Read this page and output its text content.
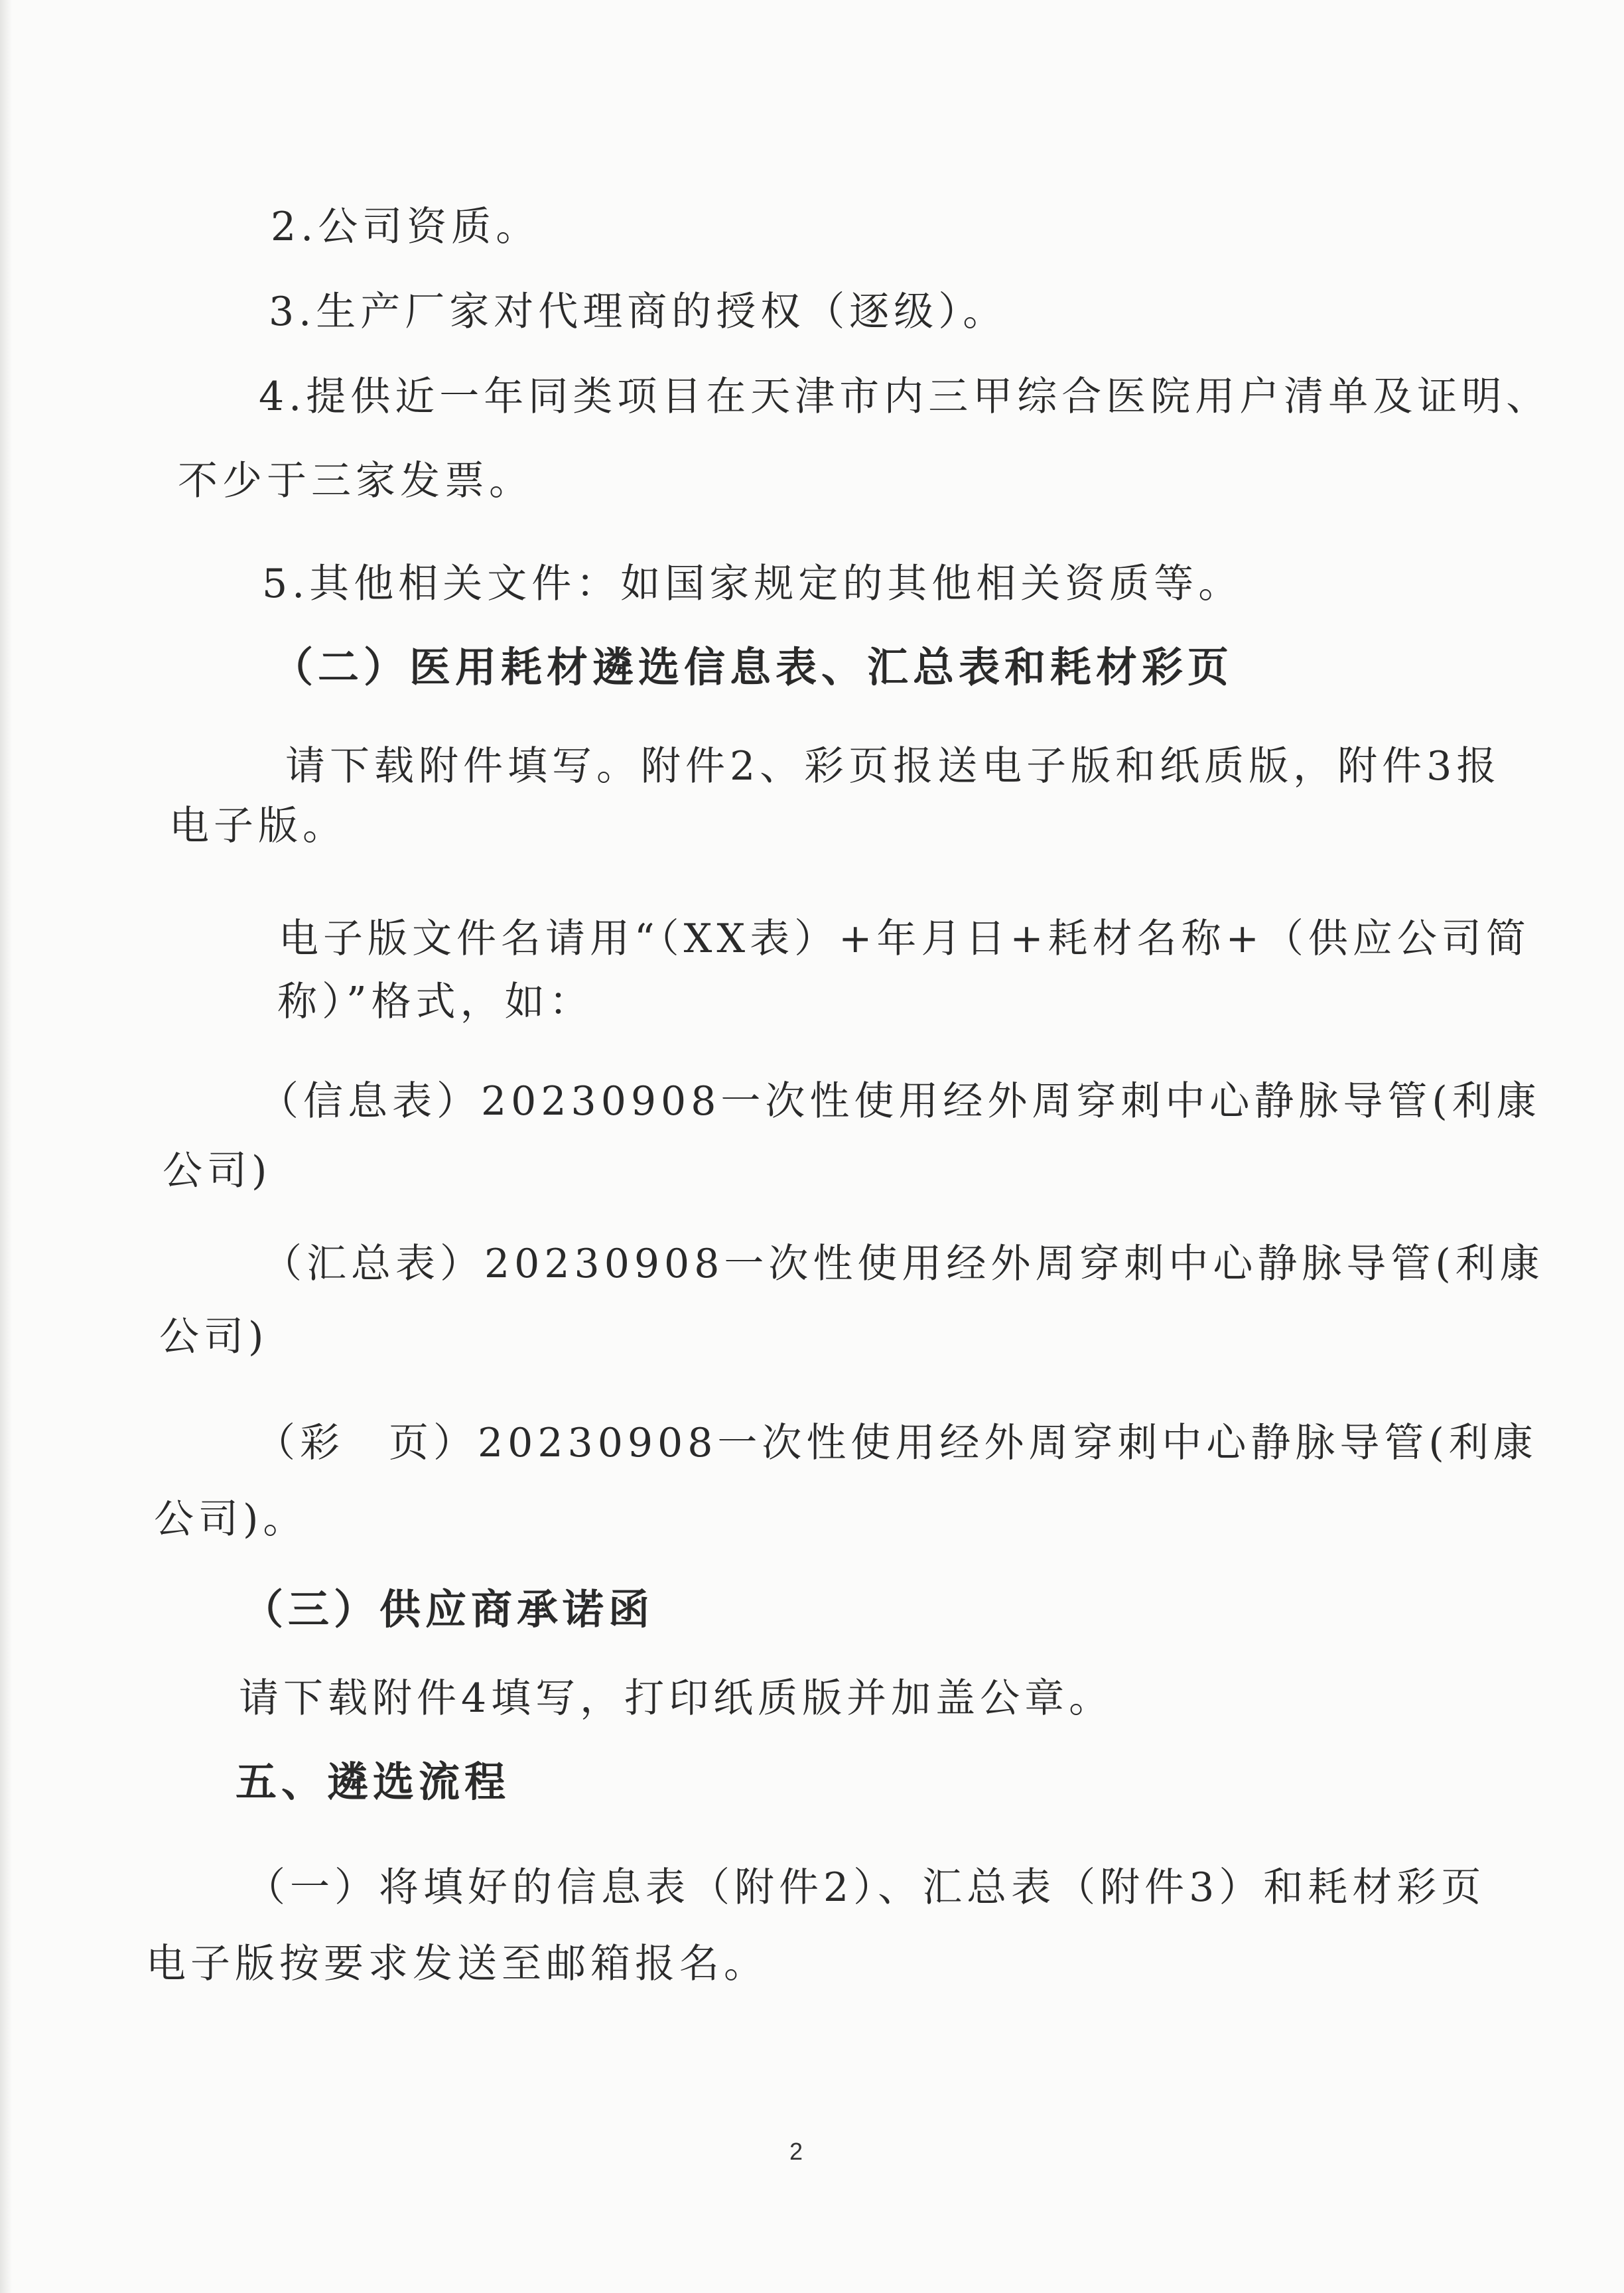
2.公司资质。
3.生产厂家对代理商的授权（逐级）。
4.提供近一年同类项目在天津市内三甲综合医院用户清单及证明、
不少于三家发票。
5.其他相关文件：如国家规定的其他相关资质等。
（二）医用耗材遴选信息表、汇总表和耗材彩页
请下载附件填写。附件2、彩页报送电子版和纸质版，附件3报
电子版。
电子版文件名请用“（XX表）+年月日+耗材名称+（供应公司简
称）”格式，如：
（信息表）20230908一次性使用经外周穿刺中心静脉导管(利康
公司)
（汇总表）20230908一次性使用经外周穿刺中心静脉导管(利康
公司)
（彩　页）20230908一次性使用经外周穿刺中心静脉导管(利康
公司)。
（三）供应商承诺函
请下载附件4填写，打印纸质版并加盖公章。
五、遴选流程
（一）将填好的信息表（附件2）、汇总表（附件3）和耗材彩页
电子版按要求发送至邮箱报名。
2
